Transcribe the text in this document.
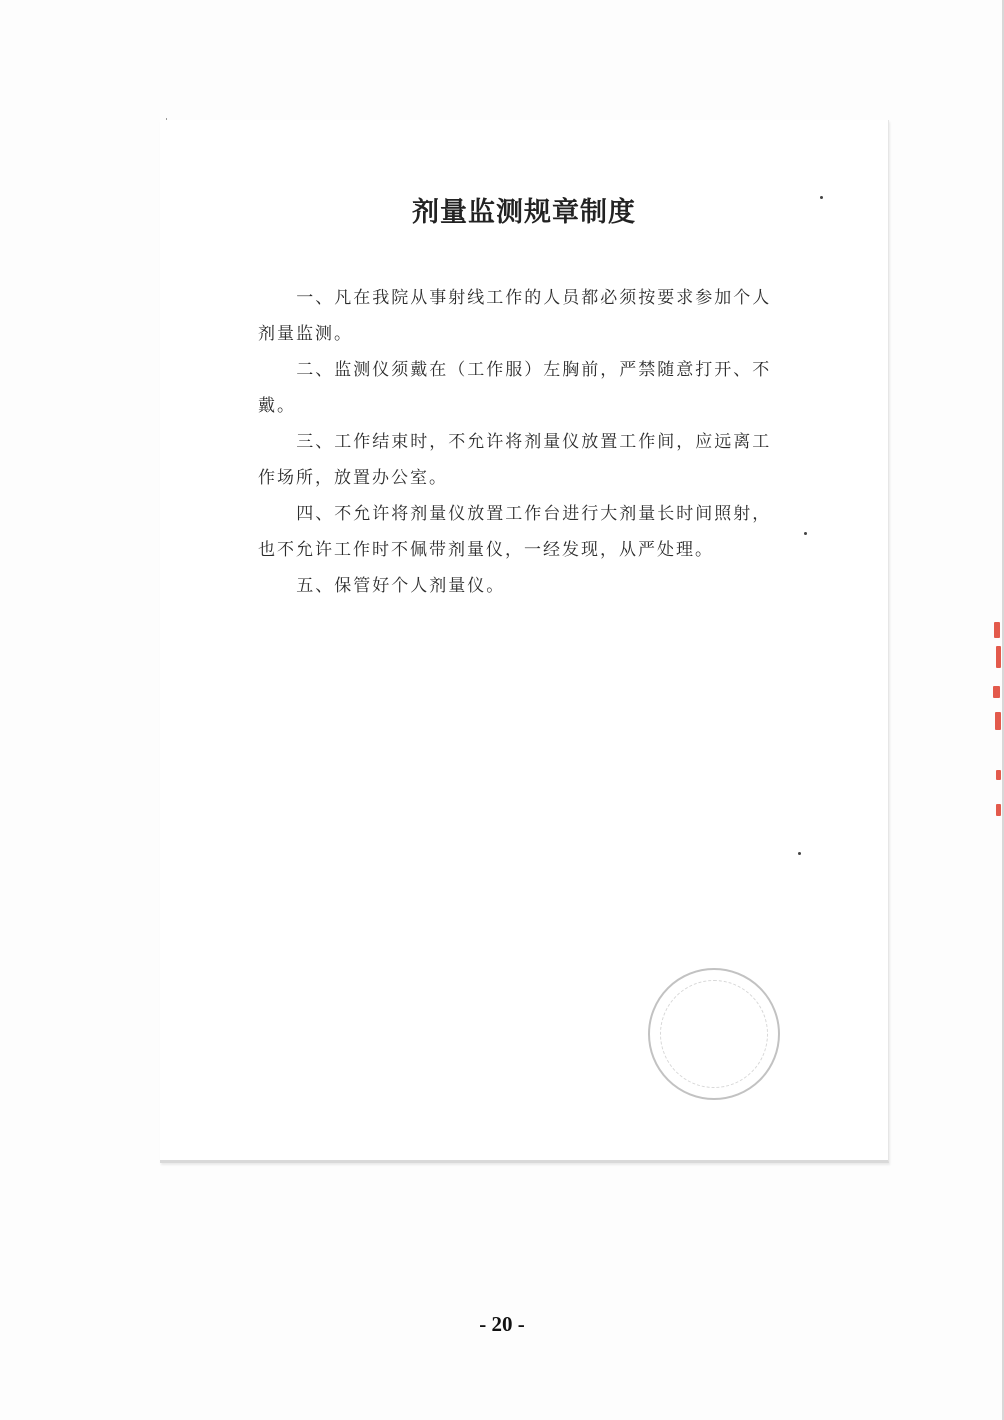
剂量监测规章制度

一、凡在我院从事射线工作的人员都必须按要求参加个人剂量监测。

二、监测仪须戴在（工作服）左胸前，严禁随意打开、不戴。

三、工作结束时，不允许将剂量仪放置工作间，应远离工作场所，放置办公室。

四、不允许将剂量仪放置工作台进行大剂量长时间照射，也不允许工作时不佩带剂量仪，一经发现，从严处理。

五、保管好个人剂量仪。

- 20 -
